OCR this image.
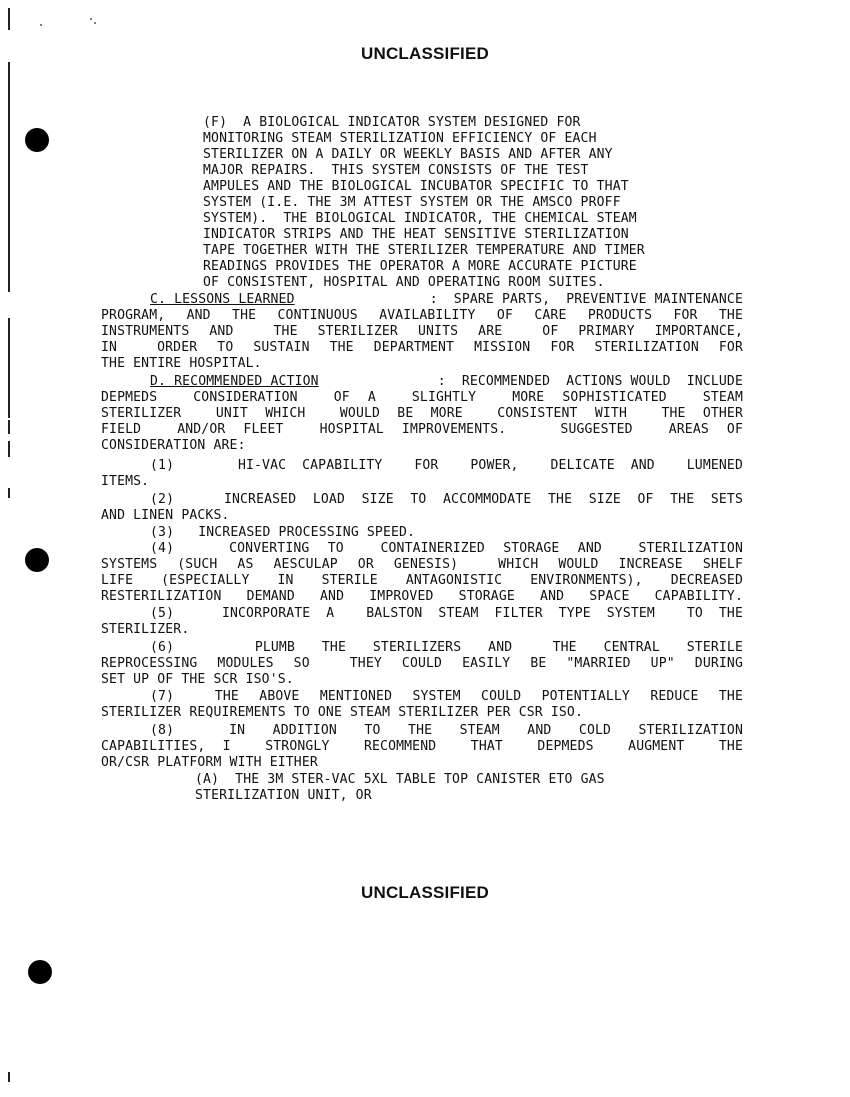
UNCLASSIFIED
UNCLASSIFIED
(F)  A BIOLOGICAL INDICATOR SYSTEM DESIGNED FOR
MONITORING STEAM STERILIZATION EFFICIENCY OF EACH
STERILIZER ON A DAILY OR WEEKLY BASIS AND AFTER ANY
MAJOR REPAIRS.  THIS SYSTEM CONSISTS OF THE TEST
AMPULES AND THE BIOLOGICAL INCUBATOR SPECIFIC TO THAT
SYSTEM (I.E. THE 3M ATTEST SYSTEM OR THE AMSCO PROFF
SYSTEM).  THE BIOLOGICAL INDICATOR, THE CHEMICAL STEAM
INDICATOR STRIPS AND THE HEAT SENSITIVE STERILIZATION
TAPE TOGETHER WITH THE STERILIZER TEMPERATURE AND TIMER
READINGS PROVIDES THE OPERATOR A MORE ACCURATE PICTURE
OF CONSISTENT, HOSPITAL AND OPERATING ROOM SUITES.
C. LESSONS LEARNED	:  SPARE PARTS,  PREVENTIVE MAINTENANCE
PROGRAM, AND THE CONTINUOUS AVAILABILITY OF CARE PRODUCTS FOR THE
INSTRUMENTS AND  THE STERILIZER UNITS ARE  OF PRIMARY IMPORTANCE,
IN  ORDER TO SUSTAIN THE DEPARTMENT MISSION FOR STERILIZATION FOR
THE ENTIRE HOSPITAL.
D. RECOMMENDED ACTION	:  RECOMMENDED  ACTIONS WOULD  INCLUDE
DEPMEDS  CONSIDERATION  OF A  SLIGHTLY  MORE SOPHISTICATED  STEAM
STERILIZER  UNIT WHICH  WOULD BE MORE  CONSISTENT WITH  THE OTHER
FIELD  AND/OR FLEET  HOSPITAL IMPROVEMENTS.   SUGGESTED  AREAS OF
CONSIDERATION ARE:
(1)    HI-VAC CAPABILITY  FOR  POWER,  DELICATE AND  LUMENED
ITEMS.
(2)   INCREASED LOAD SIZE TO ACCOMMODATE THE SIZE OF THE SETS
AND LINEN PACKS.
(3)   INCREASED PROCESSING SPEED.
(4)   CONVERTING TO  CONTAINERIZED STORAGE AND  STERILIZATION
SYSTEMS (SUCH AS AESCULAP OR GENESIS)  WHICH WOULD INCREASE SHELF
LIFE (ESPECIALLY IN STERILE ANTAGONISTIC ENVIRONMENTS), DECREASED
RESTERILIZATION DEMAND AND IMPROVED STORAGE AND SPACE CAPABILITY.
(5)   INCORPORATE A  BALSTON STEAM FILTER TYPE SYSTEM  TO THE
STERILIZER.
(6)      PLUMB  THE  STERILIZERS  AND   THE  CENTRAL  STERILE
REPROCESSING MODULES SO  THEY COULD EASILY BE "MARRIED UP" DURING
SET UP OF THE SCR ISO'S.
(7)  THE ABOVE MENTIONED SYSTEM COULD POTENTIALLY REDUCE THE
STERILIZER REQUIREMENTS TO ONE STEAM STERILIZER PER CSR ISO.
(8)    IN  ADDITION  TO  THE  STEAM  AND  COLD  STERILIZATION
CAPABILITIES, I  STRONGLY  RECOMMEND  THAT  DEPMEDS  AUGMENT  THE
OR/CSR PLATFORM WITH EITHER
(A)  THE 3M STER-VAC 5XL TABLE TOP CANISTER ETO GAS
STERILIZATION UNIT, OR
